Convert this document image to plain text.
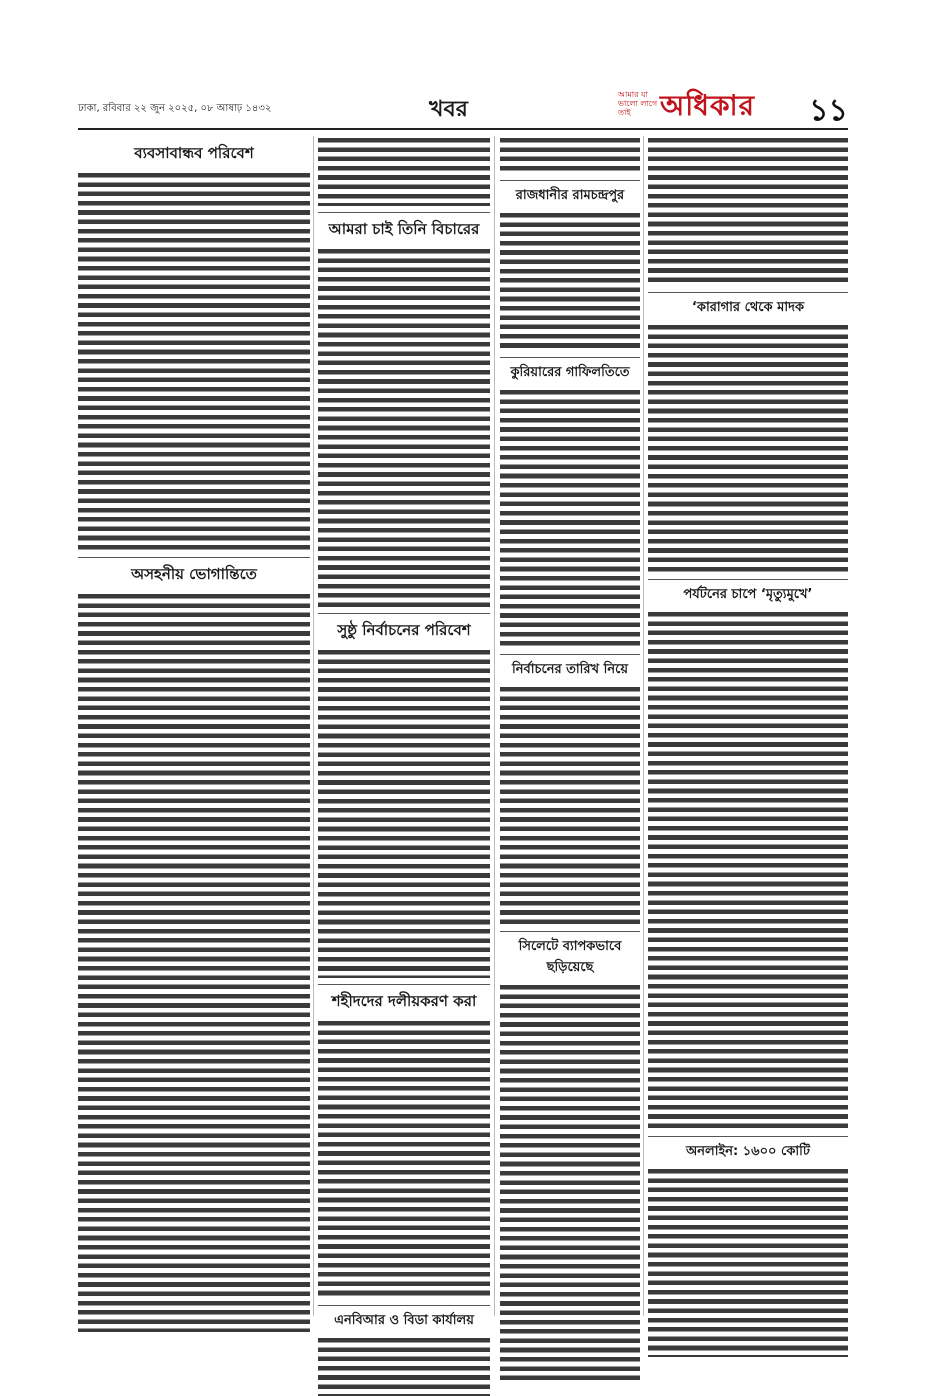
ঢাকা, রবিবার ২২ জুন ২০২৫, ০৮ আষাঢ় ১৪৩২	খবর
আমার যা ভালো লাগে তাই	অধিকার ১১
ব্যবসাবান্ধব পরিবেশ
অসহনীয় ভোগান্তিতে
আমরা চাই তিনি বিচারের
সুষ্ঠু নির্বাচনের পরিবেশ
শহীদদের দলীয়করণ করা
এনবিআর ও বিডা কার্যালয়
রাজধানীর রামচন্দ্রপুর
কুরিয়ারের গাফিলতিতে
নির্বাচনের তারিখ নিয়ে
সিলেটে ব্যাপকভাবে ছড়িয়েছে
‘কারাগার থেকে মাদক
পর্যটনের চাপে ‘মৃত্যুমুখে’
অনলাইন: ১৬০০ কোটি
